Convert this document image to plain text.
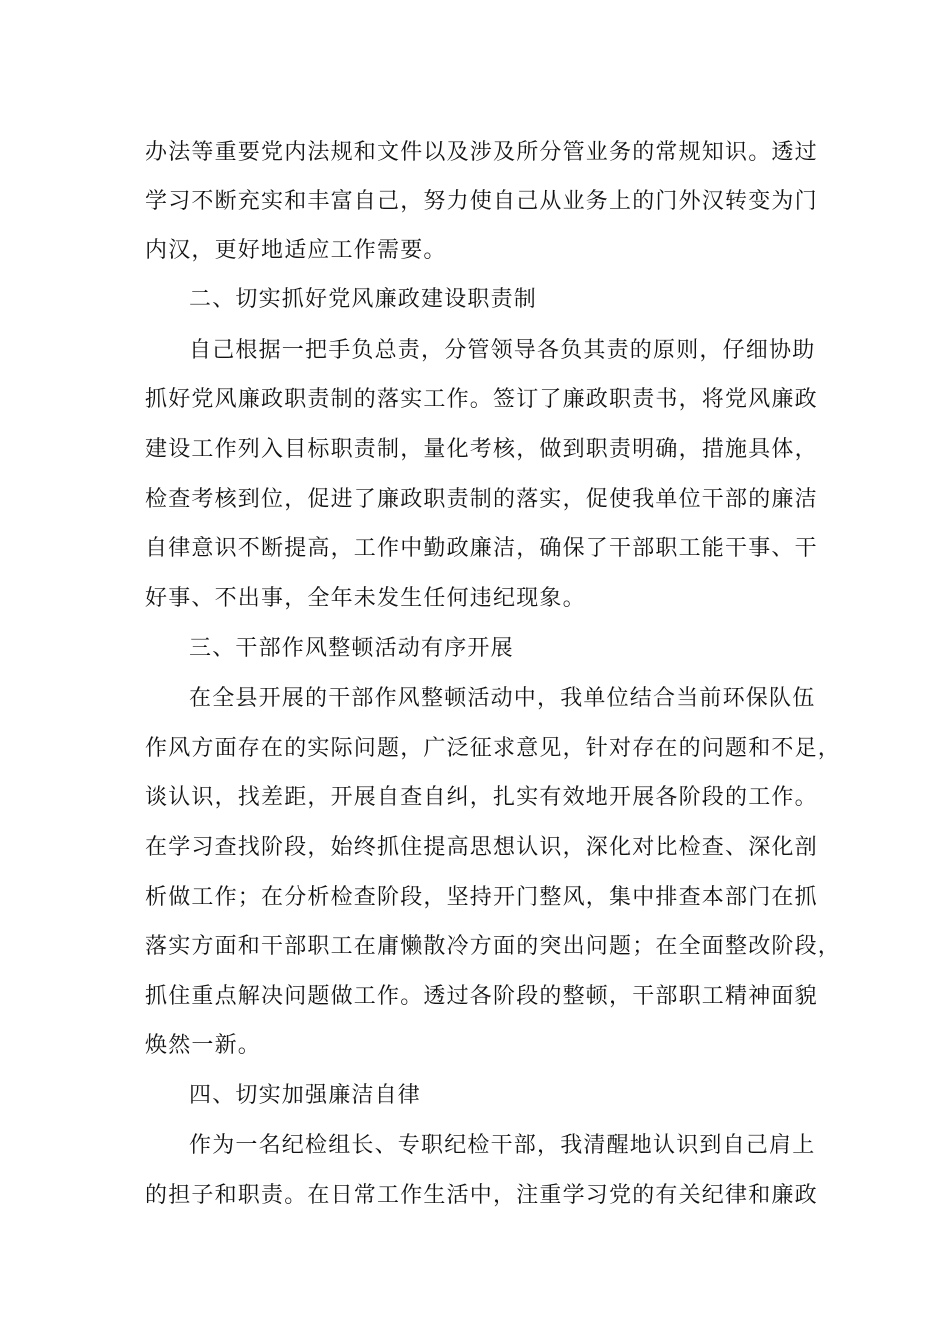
办法等重要党内法规和文件以及涉及所分管业务的常规知识。透过

学习不断充实和丰富自己，努力使自己从业务上的门外汉转变为门

内汉，更好地适应工作需要。

二、切实抓好党风廉政建设职责制

自己根据一把手负总责，分管领导各负其责的原则，仔细协助

抓好党风廉政职责制的落实工作。签订了廉政职责书，将党风廉政

建设工作列入目标职责制，量化考核，做到职责明确，措施具体，

检查考核到位，促进了廉政职责制的落实，促使我单位干部的廉洁

自律意识不断提高，工作中勤政廉洁，确保了干部职工能干事、干

好事、不出事，全年未发生任何违纪现象。

三、干部作风整顿活动有序开展

在全县开展的干部作风整顿活动中，我单位结合当前环保队伍

作风方面存在的实际问题，广泛征求意见，针对存在的问题和不足，

谈认识，找差距，开展自查自纠，扎实有效地开展各阶段的工作。

在学习查找阶段，始终抓住提高思想认识，深化对比检查、深化剖

析做工作；在分析检查阶段，坚持开门整风，集中排查本部门在抓

落实方面和干部职工在庸懒散冷方面的突出问题；在全面整改阶段，

抓住重点解决问题做工作。透过各阶段的整顿，干部职工精神面貌

焕然一新。

四、切实加强廉洁自律

作为一名纪检组长、专职纪检干部，我清醒地认识到自己肩上

的担子和职责。在日常工作生活中，注重学习党的有关纪律和廉政
